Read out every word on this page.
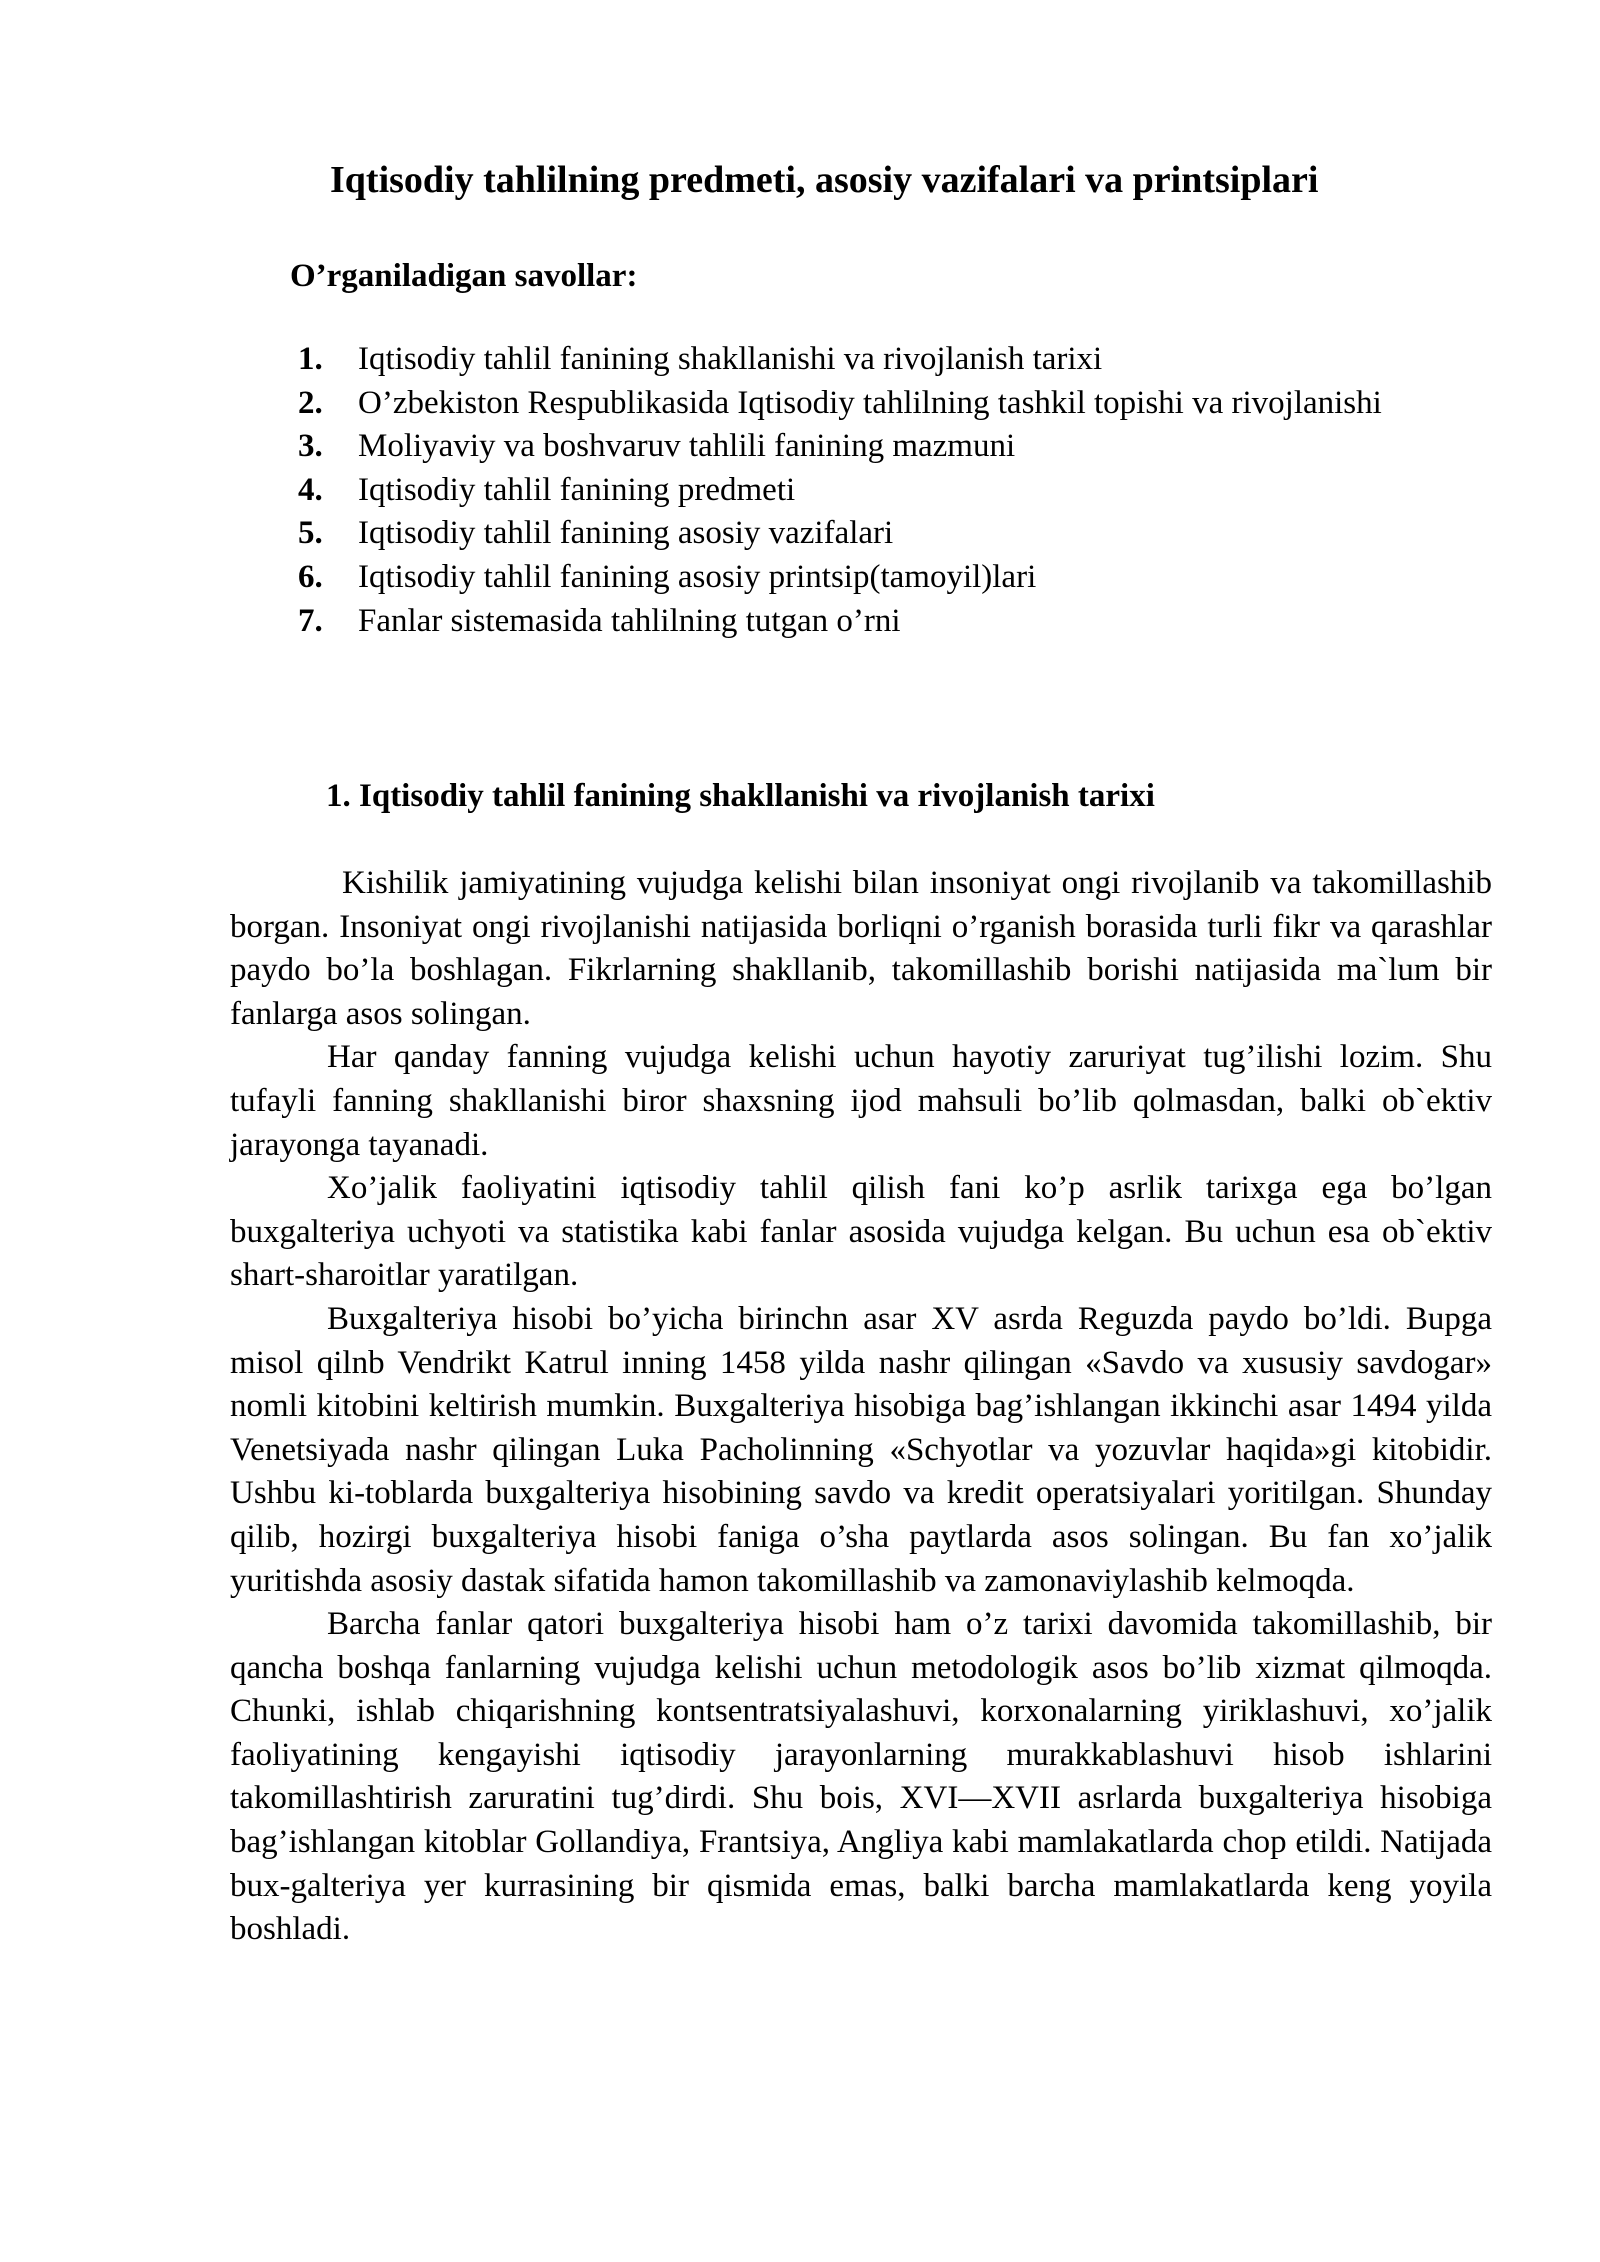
Iqtisodiy tahlilning predmeti, asosiy vazifalari va printsiplari
O’rganiladigan savollar:
1.	Iqtisodiy tahlil fanining shakllanishi va rivojlanish tarixi
2.	O’zbekiston Respublikasida Iqtisodiy tahlilning tashkil topishi va rivojlanishi
3.	Moliyaviy va boshvaruv tahlili fanining mazmuni
4.	Iqtisodiy tahlil fanining predmeti
5.	Iqtisodiy tahlil fanining asosiy vazifalari
6.	Iqtisodiy tahlil fanining asosiy printsip(tamoyil)lari
7.	Fanlar sistemasida tahlilning tutgan o’rni
1. Iqtisodiy tahlil fanining shakllanishi va rivojlanish tarixi

Kishilik jamiyatining vujudga kelishi bilan insoniyat ongi rivojlanib va takomillashib borgan. Insoniyat ongi rivojlanishi natijasida borliqni o’rganish borasida turli fikr va qarashlar paydo bo’la boshlagan. Fikrlarning shakllanib, takomillashib borishi natijasida ma`lum bir fanlarga asos solingan.

Har qanday fanning vujudga kelishi uchun hayotiy zaruriyat tug’ilishi lozim. Shu tufayli fanning shakllanishi biror shaxsning ijod mahsuli bo’lib qolmasdan, balki ob`ektiv jarayonga tayanadi.

Xo’jalik faoliyatini iqtisodiy tahlil qilish fani ko’p asrlik tarixga ega bo’lgan buxgalteriya uchyoti va statistika kabi fanlar asosida vujudga kelgan. Bu uchun esa ob`ektiv shart-sharoitlar yaratilgan.

Buxgalteriya hisobi bo’yicha birinchn asar XV asrda Reguzda paydo bo’ldi. Bupga misol qilnb Vendrikt Katrul inning 1458 yilda nashr qilingan «Savdo va xususiy savdogar» nomli kitobini keltirish mumkin. Buxgalteriya hisobiga bag’ishlangan ikkinchi asar 1494 yilda Venetsiyada nashr qilingan Luka Pacholinning «Schyotlar va yozuvlar haqida»gi kitobidir. Ushbu ki-toblarda buxgalteriya hisobining savdo va kredit operatsiyalari yoritilgan. Shunday qilib, hozirgi buxgalteriya hisobi faniga o’sha paytlarda asos solingan. Bu fan xo’jalik yuritishda asosiy dastak sifatida hamon takomillashib va zamonaviylashib kelmoqda.

Barcha fanlar qatori buxgalteriya hisobi ham o’z tarixi davomida takomillashib, bir qancha boshqa fanlarning vujudga kelishi uchun metodologik asos bo’lib xizmat qilmoqda. Chunki, ishlab chiqarishning kontsentratsiyalashuvi, korxonalarning yiriklashuvi, xo’jalik faoliyatining kengayishi iqtisodiy jarayonlarning murakkablashuvi hisob ishlarini takomillashtirish zaruratini tug’dirdi. Shu bois, XVI—XVII asrlarda buxgalteriya hisobiga bag’ishlangan kitoblar Gollandiya, Frantsiya, Angliya kabi mamlakatlarda chop etildi. Natijada bux-galteriya yer kurrasining bir qismida emas, balki barcha mamlakatlarda keng yoyila boshladi.
